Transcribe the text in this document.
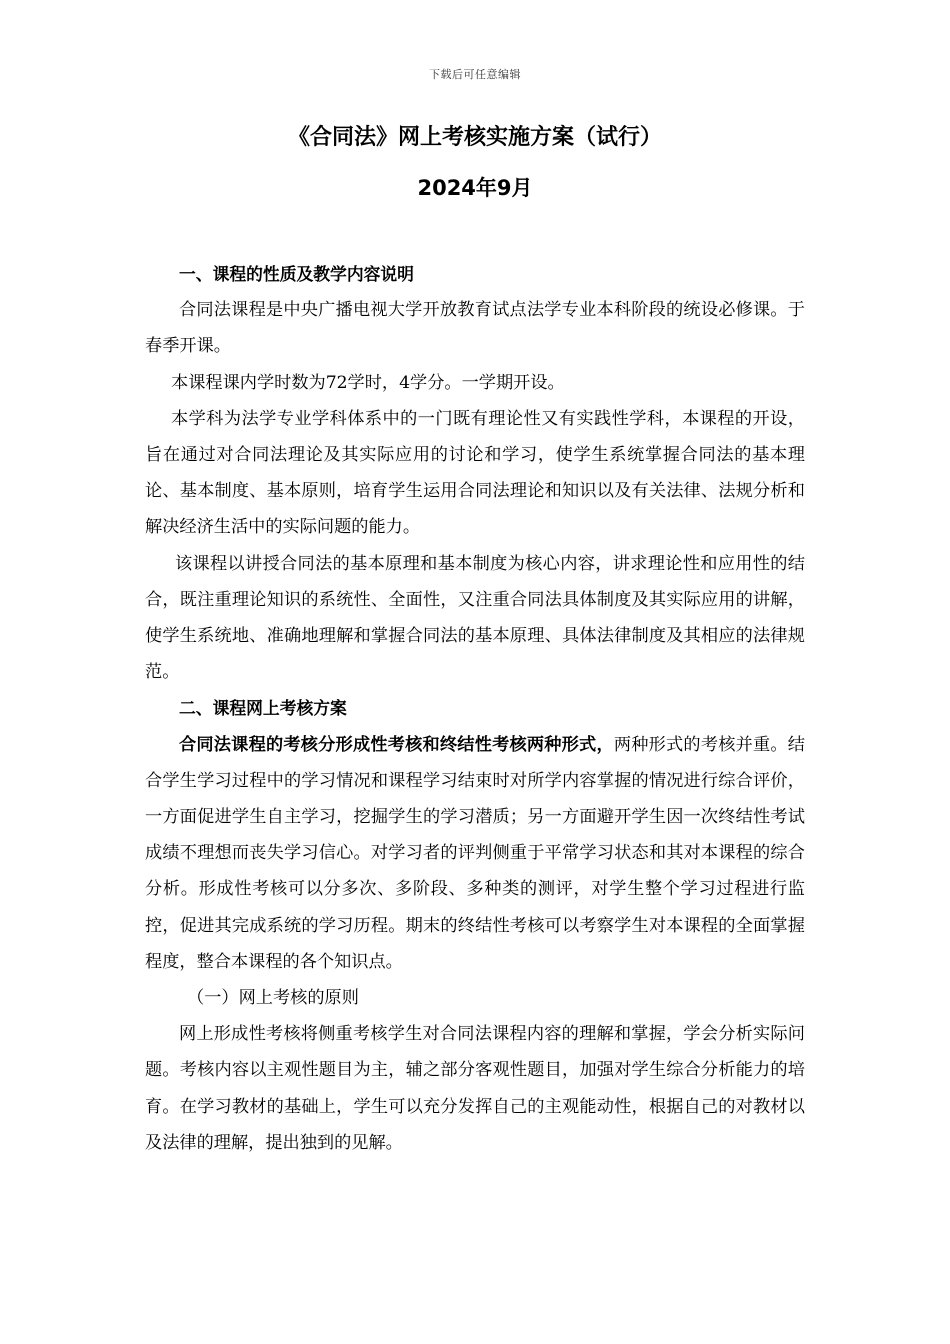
下载后可任意编辑
《合同法》网上考核实施方案（试行）
2024年9月

一、课程的性质及教学内容说明

合同法课程是中央广播电视大学开放教育试点法学专业本科阶段的统设必修课。于春季开课。

本课程课内学时数为72学时，4学分。一学期开设。

本学科为法学专业学科体系中的一门既有理论性又有实践性学科，本课程的开设，旨在通过对合同法理论及其实际应用的讨论和学习，使学生系统掌握合同法的基本理论、基本制度、基本原则，培育学生运用合同法理论和知识以及有关法律、法规分析和解决经济生活中的实际问题的能力。

该课程以讲授合同法的基本原理和基本制度为核心内容，讲求理论性和应用性的结合，既注重理论知识的系统性、全面性，又注重合同法具体制度及其实际应用的讲解，使学生系统地、准确地理解和掌握合同法的基本原理、具体法律制度及其相应的法律规范。

二、课程网上考核方案

合同法课程的考核分形成性考核和终结性考核两种形式，两种形式的考核并重。结合学生学习过程中的学习情况和课程学习结束时对所学内容掌握的情况进行综合评价，一方面促进学生自主学习，挖掘学生的学习潜质；另一方面避开学生因一次终结性考试成绩不理想而丧失学习信心。对学习者的评判侧重于平常学习状态和其对本课程的综合分析。形成性考核可以分多次、多阶段、多种类的测评，对学生整个学习过程进行监控，促进其完成系统的学习历程。期末的终结性考核可以考察学生对本课程的全面掌握程度，整合本课程的各个知识点。

（一）网上考核的原则

网上形成性考核将侧重考核学生对合同法课程内容的理解和掌握，学会分析实际问题。考核内容以主观性题目为主，辅之部分客观性题目，加强对学生综合分析能力的培育。在学习教材的基础上，学生可以充分发挥自己的主观能动性，根据自己的对教材以及法律的理解，提出独到的见解。
